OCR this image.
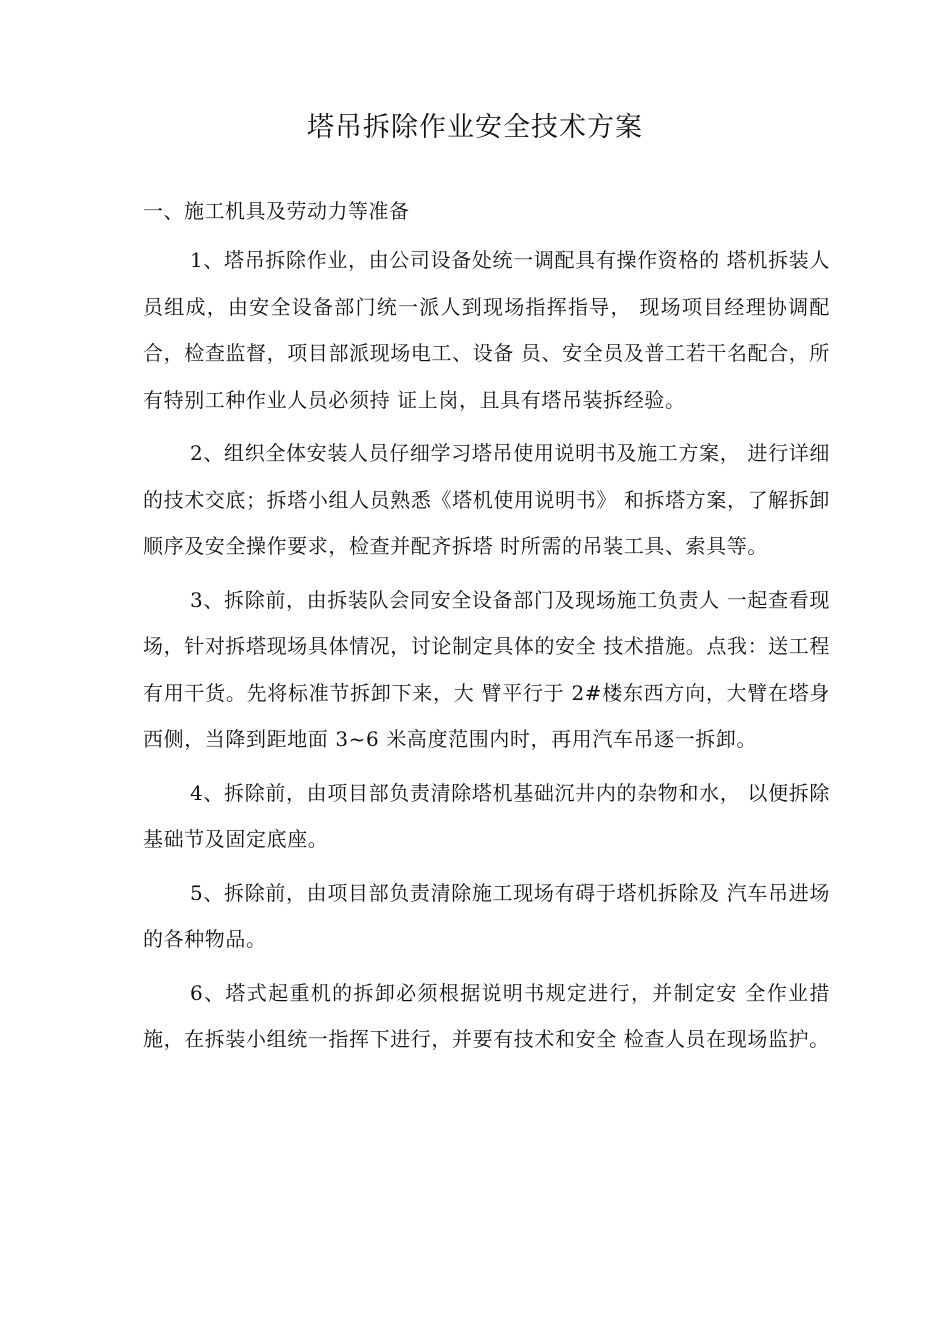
塔吊拆除作业安全技术方案
一、施工机具及劳动力等准备

1、塔吊拆除作业，由公司设备处统一调配具有操作资格的 塔机拆装人员组成，由安全设备部门统一派人到现场指挥指导， 现场项目经理协调配合，检查监督，项目部派现场电工、设备 员、安全员及普工若干名配合，所有特别工种作业人员必须持 证上岗，且具有塔吊装拆经验。

2、组织全体安装人员仔细学习塔吊使用说明书及施工方案， 进行详细的技术交底；拆塔小组人员熟悉《塔机使用说明书》 和拆塔方案，了解拆卸顺序及安全操作要求，检查并配齐拆塔 时所需的吊装工具、索具等。

3、拆除前，由拆装队会同安全设备部门及现场施工负责人 一起查看现场，针对拆塔现场具体情况，讨论制定具体的安全 技术措施。点我：送工程有用干货。先将标准节拆卸下来，大 臂平行于 2#楼东西方向，大臂在塔身西侧，当降到距地面 3~6 米高度范围内时，再用汽车吊逐一拆卸。

4、拆除前，由项目部负责清除塔机基础沉井内的杂物和水， 以便拆除基础节及固定底座。

5、拆除前，由项目部负责清除施工现场有碍于塔机拆除及 汽车吊进场的各种物品。

6、塔式起重机的拆卸必须根据说明书规定进行，并制定安 全作业措施，在拆装小组统一指挥下进行，并要有技术和安全 检查人员在现场监护。
